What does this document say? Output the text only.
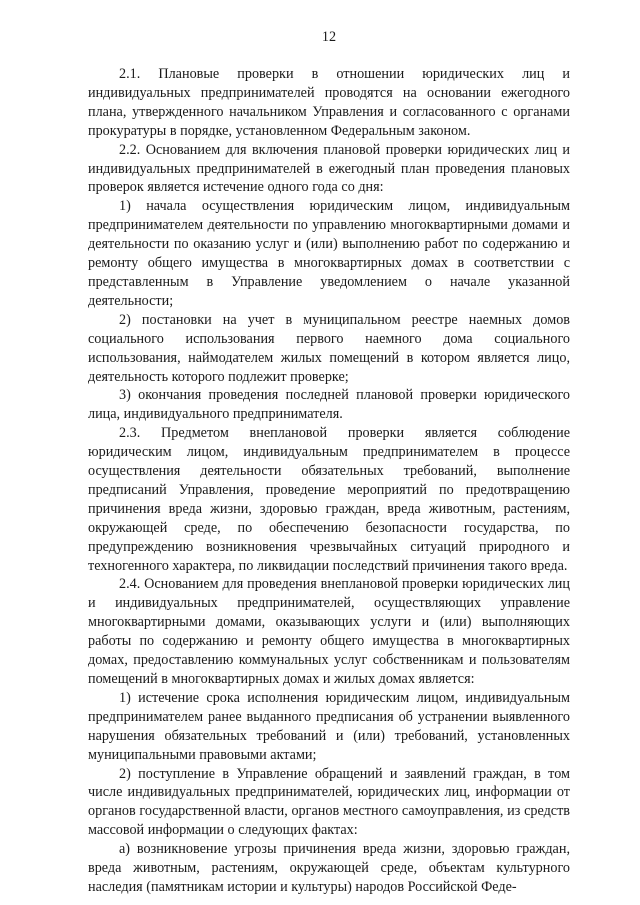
12

2.1. Плановые проверки в отношении юридических лиц и индивидуальных предпринимателей проводятся на основании ежегодного плана, утвержденного начальником Управления и согласованного с органами прокуратуры в порядке, установленном Федеральным законом.

2.2. Основанием для включения плановой проверки юридических лиц и индивидуальных предпринимателей в ежегодный план проведения плановых проверок является истечение одного года со дня:

1) начала осуществления юридическим лицом, индивидуальным предпринимателем деятельности по управлению многоквартирными домами и деятельности по оказанию услуг и (или) выполнению работ по содержанию и ремонту общего имущества в многоквартирных домах в соответствии с представленным в Управление уведомлением о начале указанной деятельности;

2) постановки на учет в муниципальном реестре наемных домов социального использования первого наемного дома социального использования, наймодателем жилых помещений в котором является лицо, деятельность которого подлежит проверке;

3) окончания проведения последней плановой проверки юридического лица, индивидуального предпринимателя.

2.3. Предметом внеплановой проверки является соблюдение юридическим лицом, индивидуальным предпринимателем в процессе осуществления деятельности обязательных требований, выполнение предписаний Управления, проведение мероприятий по предотвращению причинения вреда жизни, здоровью граждан, вреда животным, растениям, окружающей среде, по обеспечению безопасности государства, по предупреждению возникновения чрезвычайных ситуаций природного и техногенного характера, по ликвидации последствий причинения такого вреда.

2.4. Основанием для проведения внеплановой проверки юридических лиц и индивидуальных предпринимателей, осуществляющих управление многоквартирными домами, оказывающих услуги и (или) выполняющих работы по содержанию и ремонту общего имущества в многоквартирных домах, предоставлению коммунальных услуг собственникам и пользователям помещений в многоквартирных домах и жилых домах является:

1) истечение срока исполнения юридическим лицом, индивидуальным предпринимателем ранее выданного предписания об устранении выявленного нарушения обязательных требований и (или) требований, установленных муниципальными правовыми актами;

2) поступление в Управление обращений и заявлений граждан, в том числе индивидуальных предпринимателей, юридических лиц, информации от органов государственной власти, органов местного самоуправления, из средств массовой информации о следующих фактах:

а) возникновение угрозы причинения вреда жизни, здоровью граждан, вреда животным, растениям, окружающей среде, объектам культурного наследия (памятникам истории и культуры) народов Российской Феде-
